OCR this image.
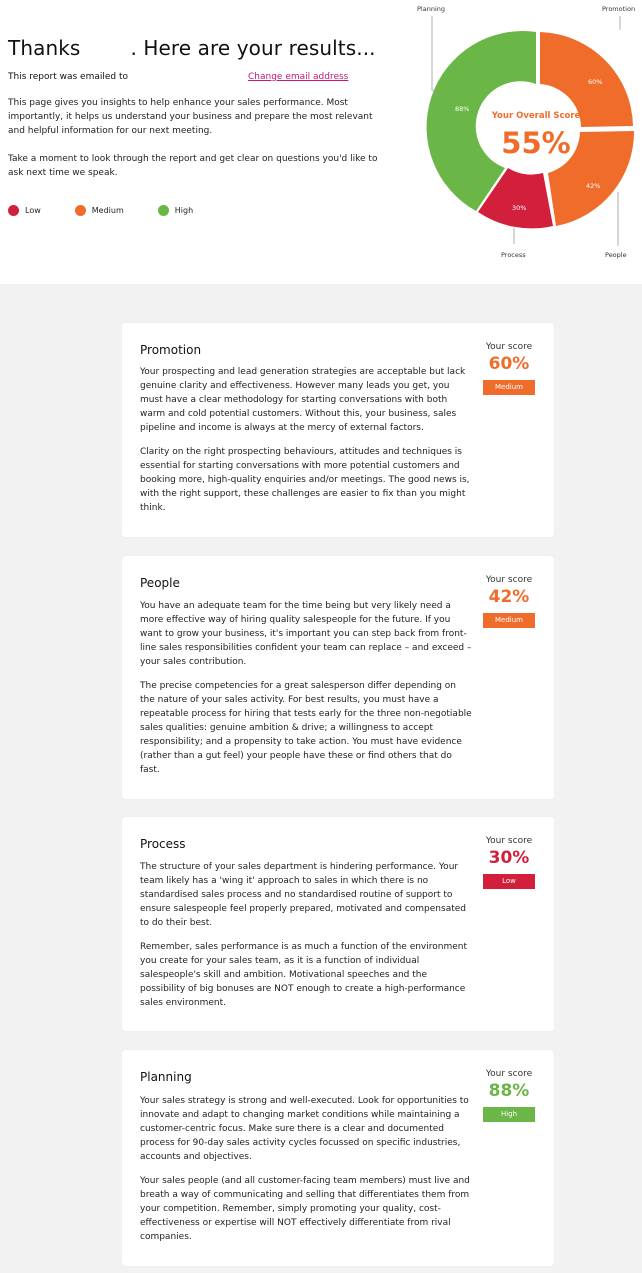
Thanks	. Here are your results...
This report was emailed to	Change email address
This page gives you insights to help enhance your sales performance. Most importantly, it helps us understand your business and prepare the most relevant and helpful information for our next meeting.
Take a moment to look through the report and get clear on questions you'd like to ask next time we speak.
Low	Medium	High
Planning	Promotion
Process	People
60%
42%
30%
88%
Your Overall Score
55%
Promotion

Your prospecting and lead generation strategies are acceptable but lack genuine clarity and effectiveness. However many leads you get, you must have a clear methodology for starting conversations with both warm and cold potential customers. Without this, your business, sales pipeline and income is always at the mercy of external factors.

Clarity on the right prospecting behaviours, attitudes and techniques is essential for starting conversations with more potential customers and booking more, high-quality enquiries and/or meetings. The good news is, with the right support, these challenges are easier to fix than you might think.

Your score
60%
Medium
People

You have an adequate team for the time being but very likely need a more effective way of hiring quality salespeople for the future. If you want to grow your business, it's important you can step back from front-line sales responsibilities confident your team can replace – and exceed – your sales contribution.

The precise competencies for a great salesperson differ depending on the nature of your sales activity. For best results, you must have a repeatable process for hiring that tests early for the three non-negotiable sales qualities: genuine ambition & drive; a willingness to accept responsibility; and a propensity to take action. You must have evidence (rather than a gut feel) your people have these or find others that do fast.

Your score
42%
Medium
Process

The structure of your sales department is hindering performance. Your team likely has a 'wing it' approach to sales in which there is no standardised sales process and no standardised routine of support to ensure salespeople feel properly prepared, motivated and compensated to do their best.

Remember, sales performance is as much a function of the environment you create for your sales team, as it is a function of individual salespeople's skill and ambition. Motivational speeches and the possibility of big bonuses are NOT enough to create a high-performance sales environment.

Your score
30%
Low
Planning

Your sales strategy is strong and well-executed. Look for opportunities to innovate and adapt to changing market conditions while maintaining a customer-centric focus. Make sure there is a clear and documented process for 90-day sales activity cycles focussed on specific industries, accounts and objectives.

Your sales people (and all customer-facing team members) must live and breath a way of communicating and selling that differentiates them from your competition. Remember, simply promoting your quality, cost-effectiveness or expertise will NOT effectively differentiate from rival companies.

Your score
88%
High
